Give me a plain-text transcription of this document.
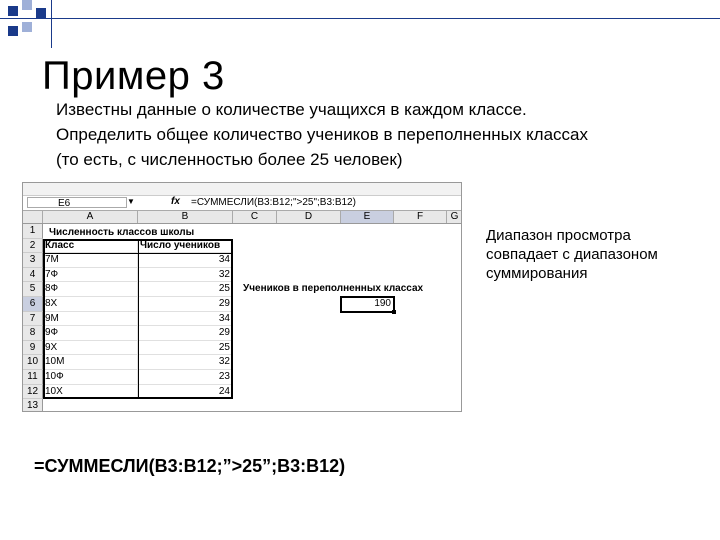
Пример 3
Известны данные о количестве учащихся в каждом классе.
Определить общее количество учеников в переполненных классах
(то есть, с численностью более 25 человек)
E6	▼	fx =СУММЕСЛИ(B3:B12;">25";B3:B12)
A	B	C	D	E	F	G
1
2
3
4
5
6
7
8
9
10
11
12
13
Численность классов школы
Класс	Число учеников
7М	34
7Ф	32
8Ф	25
8Х	29
9М	34
9Ф	29
9Х	25
10М	32
10Ф	23
10Х	24
Учеников в переполненных классах
190
Диапазон просмотра
совпадает с диапазоном
суммирования
=СУММЕСЛИ(B3:B12;”>25”;B3:B12)
